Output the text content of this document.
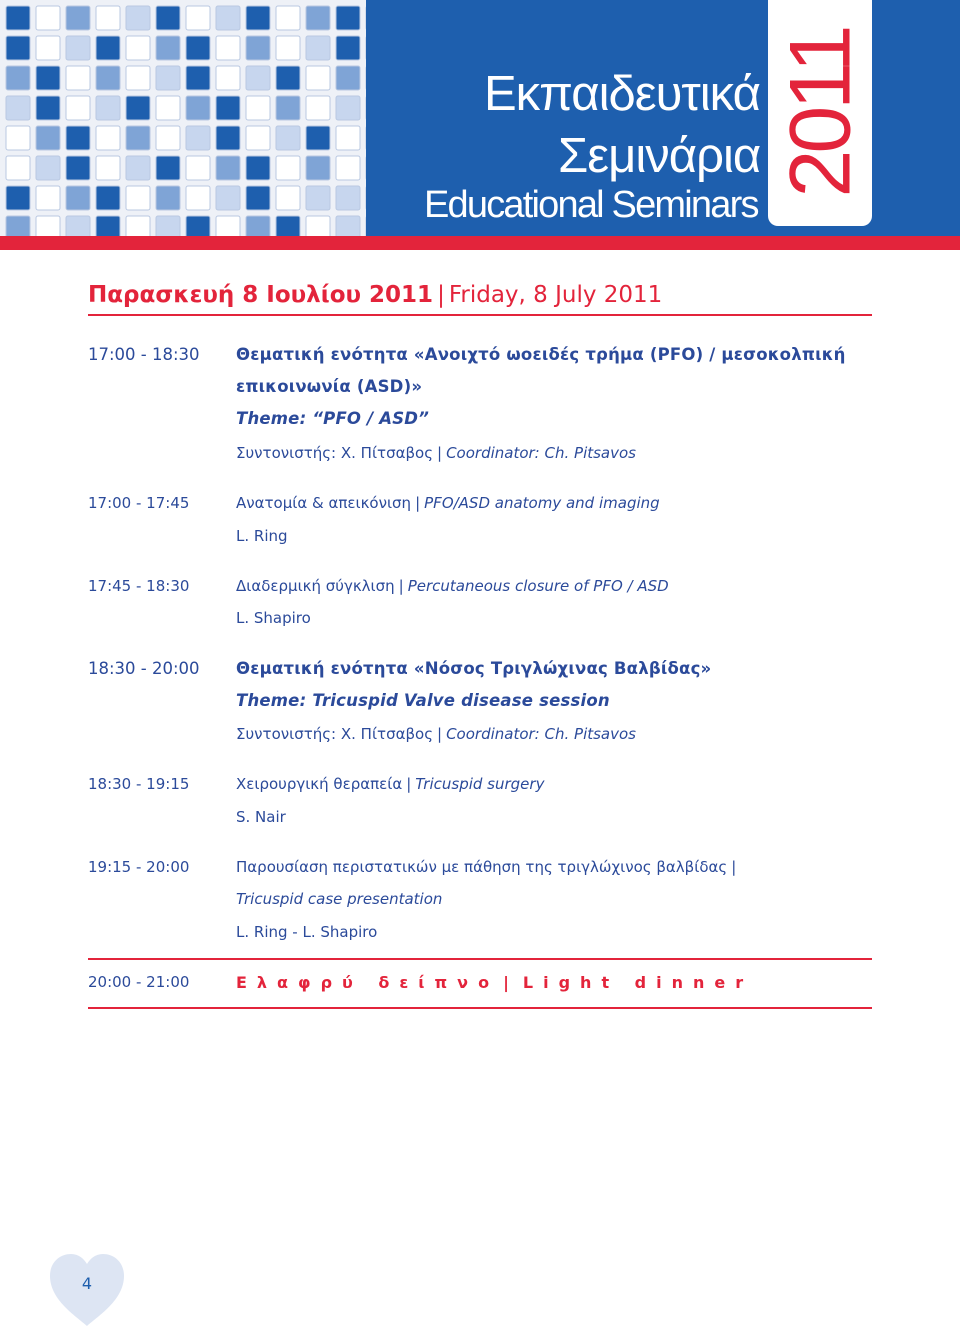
Εκπαιδευτικά
Σεμινάρια
Educational Seminars
2011
Παρασκευή 8 Ιουλίου 2011 | Friday, 8 July 2011
17:00 - 18:30 Θεματική ενότητα «Ανοιχτό ωοειδές τρήμα (PFO) / μεσοκολπική
επικοινωνία (ASD)»
Theme: “PFO / ASD”
Συντονιστής: Χ. Πίτσαβος | Coordinator: Ch. Pitsavos
17:00 - 17:45	Ανατομία & απεικόνιση | PFO/ASD anatomy and imaging
L. Ring
17:45 - 18:30	Διαδερμική σύγκλιση | Percutaneous closure of PFO / ASD
L. Shapiro
18:30 - 20:00 Θεματική ενότητα «Νόσος Τριγλώχινας Βαλβίδας»
Theme: Tricuspid Valve disease session
Συντονιστής: Χ. Πίτσαβος | Coordinator: Ch. Pitsavos
18:30 - 19:15	Χειρουργική θεραπεία | Tricuspid surgery
S. Nair
19:15 - 20:00	Παρουσίαση περιστατικών με πάθηση της τριγλώχινος βαλβίδας |
Tricuspid case presentation
L. Ring - L. Shapiro
20:00 - 21:00	Ελαφρύ δείπνο | Light dinner
4
